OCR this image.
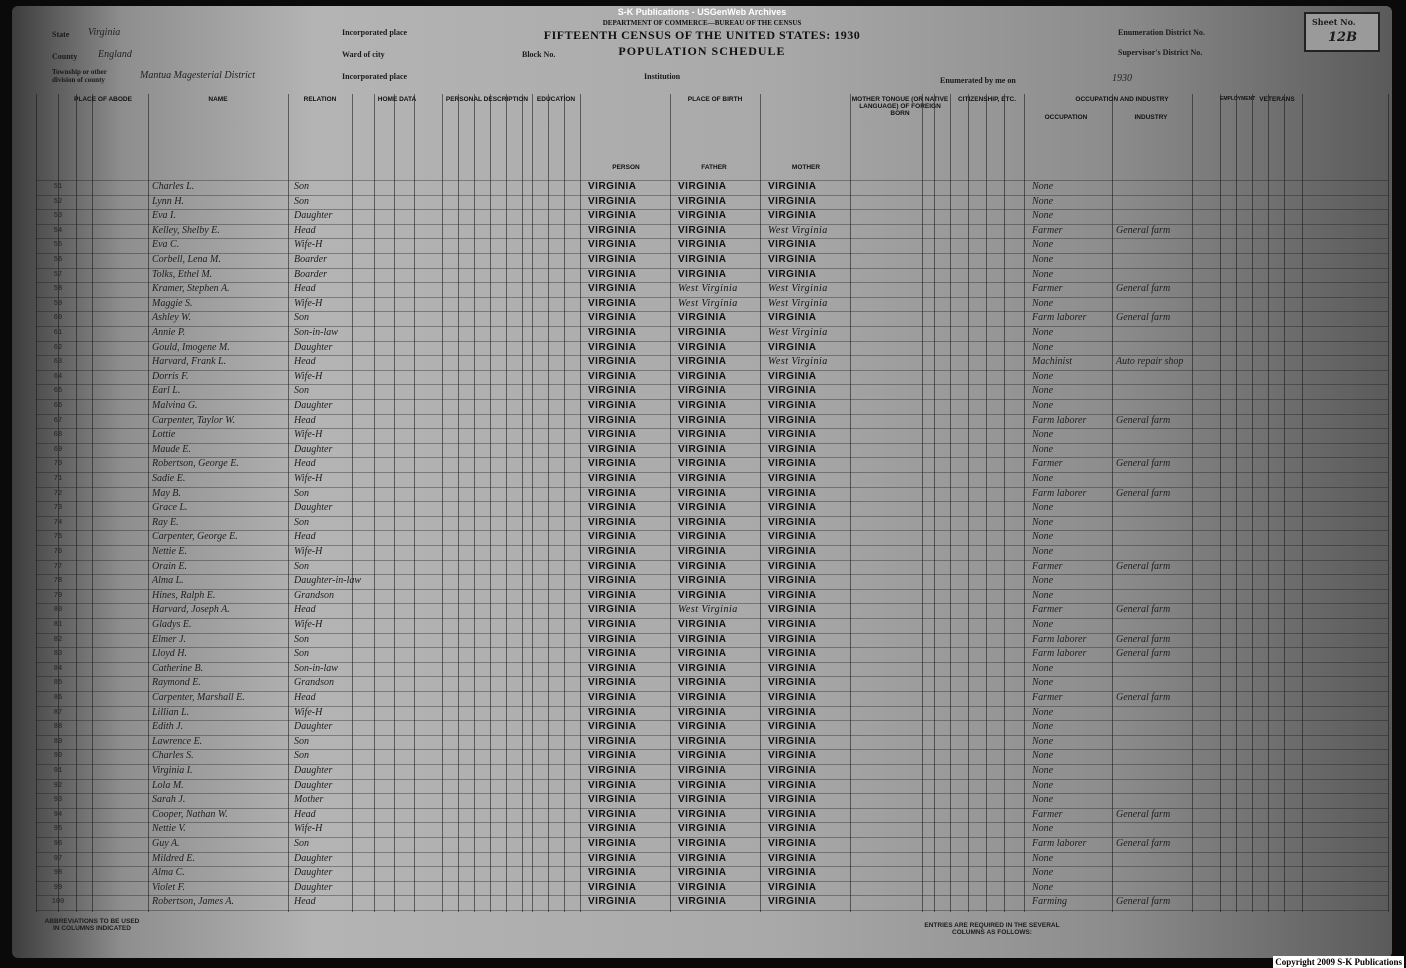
S-K Publications - USGenWeb Archives
DEPARTMENT OF COMMERCE—BUREAU OF THE CENSUS
FIFTEENTH CENSUS OF THE UNITED STATES: 1930
POPULATION SCHEDULE
State Virginia
County England
Township or other division of county	Mantua Magesterial District
Incorporated place
Ward of city	Block No.
Incorporated place	Institution
Enumeration District No.
Supervisor's District No.
Enumerated by me on	1930
Sheet No.
12B
PLACE OF ABODE	NAME	RELATION	HOME DATA	PERSONAL DESCRIPTION	EDUCATION	PLACE OF BIRTH	MOTHER TONGUE (OR NATIVE LANGUAGE) OF FOREIGN BORN
CITIZENSHIP, ETC.	OCCUPATION AND INDUSTRY	EMPLOYMENT VETERANS
PERSON	FATHER	MOTHER
OCCUPATION	INDUSTRY
51	Charles L.	Son	VIRGINIA	VIRGINIA	VIRGINIA	None
52	Lynn H.	Son	VIRGINIA	VIRGINIA	VIRGINIA	None
53	Eva I.	Daughter	VIRGINIA	VIRGINIA	VIRGINIA	None
54	Kelley, Shelby E.	Head	VIRGINIA	VIRGINIA	West Virginia	Farmer	General farm
55	Eva C.	Wife-H	VIRGINIA	VIRGINIA	VIRGINIA	None
56	Corbell, Lena M.	Boarder	VIRGINIA	VIRGINIA	VIRGINIA	None
57	Tolks, Ethel M.	Boarder	VIRGINIA	VIRGINIA	VIRGINIA	None
58	Kramer, Stephen A.	Head	VIRGINIA	West Virginia	West Virginia	Farmer	General farm
59	Maggie S.	Wife-H	VIRGINIA	West Virginia	West Virginia	None
60	Ashley W.	Son	VIRGINIA	VIRGINIA	VIRGINIA	Farm laborer	General farm
61	Annie P.	Son-in-law	VIRGINIA	VIRGINIA	West Virginia	None
62	Gould, Imogene M.	Daughter	VIRGINIA	VIRGINIA	VIRGINIA	None
63	Harvard, Frank L.	Head	VIRGINIA	VIRGINIA	West Virginia	Machinist	Auto repair shop
64	Dorris F.	Wife-H	VIRGINIA	VIRGINIA	VIRGINIA	None
65	Earl L.	Son	VIRGINIA	VIRGINIA	VIRGINIA	None
66	Malvina G.	Daughter	VIRGINIA	VIRGINIA	VIRGINIA	None
67	Carpenter, Taylor W.	Head	VIRGINIA	VIRGINIA	VIRGINIA	Farm laborer	General farm
68	Lottie	Wife-H	VIRGINIA	VIRGINIA	VIRGINIA	None
69	Maude E.	Daughter	VIRGINIA	VIRGINIA	VIRGINIA	None
70	Robertson, George E.	Head	VIRGINIA	VIRGINIA	VIRGINIA	Farmer	General farm
71	Sadie E.	Wife-H	VIRGINIA	VIRGINIA	VIRGINIA	None
72	May B.	Son	VIRGINIA	VIRGINIA	VIRGINIA	Farm laborer	General farm
73	Grace L.	Daughter	VIRGINIA	VIRGINIA	VIRGINIA	None
74	Ray E.	Son	VIRGINIA	VIRGINIA	VIRGINIA	None
75	Carpenter, George E.	Head	VIRGINIA	VIRGINIA	VIRGINIA	None
76	Nettie E.	Wife-H	VIRGINIA	VIRGINIA	VIRGINIA	None
77	Orain E.	Son	VIRGINIA	VIRGINIA	VIRGINIA	Farmer	General farm
78	Alma L.	Daughter-in-law	VIRGINIA	VIRGINIA	VIRGINIA	None
79	Hines, Ralph E.	Grandson	VIRGINIA	VIRGINIA	VIRGINIA	None
80	Harvard, Joseph A.	Head	VIRGINIA	West Virginia	VIRGINIA	Farmer	General farm
81	Gladys E.	Wife-H	VIRGINIA	VIRGINIA	VIRGINIA	None
82	Elmer J.	Son	VIRGINIA	VIRGINIA	VIRGINIA	Farm laborer	General farm
83	Lloyd H.	Son	VIRGINIA	VIRGINIA	VIRGINIA	Farm laborer	General farm
84	Catherine B.	Son-in-law	VIRGINIA	VIRGINIA	VIRGINIA	None
85	Raymond E.	Grandson	VIRGINIA	VIRGINIA	VIRGINIA	None
86	Carpenter, Marshall E.	Head	VIRGINIA	VIRGINIA	VIRGINIA	Farmer	General farm
87	Lillian L.	Wife-H	VIRGINIA	VIRGINIA	VIRGINIA	None
88	Edith J.	Daughter	VIRGINIA	VIRGINIA	VIRGINIA	None
89	Lawrence E.	Son	VIRGINIA	VIRGINIA	VIRGINIA	None
90	Charles S.	Son	VIRGINIA	VIRGINIA	VIRGINIA	None
91	Virginia I.	Daughter	VIRGINIA	VIRGINIA	VIRGINIA	None
92	Lola M.	Daughter	VIRGINIA	VIRGINIA	VIRGINIA	None
93	Sarah J.	Mother	VIRGINIA	VIRGINIA	VIRGINIA	None
94	Cooper, Nathan W.	Head	VIRGINIA	VIRGINIA	VIRGINIA	Farmer	General farm
95	Nettie V.	Wife-H	VIRGINIA	VIRGINIA	VIRGINIA	None
96	Guy A.	Son	VIRGINIA	VIRGINIA	VIRGINIA	Farm laborer	General farm
97	Mildred E.	Daughter	VIRGINIA	VIRGINIA	VIRGINIA	None
98	Alma C.	Daughter	VIRGINIA	VIRGINIA	VIRGINIA	None
99	Violet F.	Daughter	VIRGINIA	VIRGINIA	VIRGINIA	None
100	Robertson, James A.	Head	VIRGINIA	VIRGINIA	VIRGINIA	Farming	General farm
ABBREVIATIONS TO BE USED IN COLUMNS INDICATED	ENTRIES ARE REQUIRED IN THE SEVERAL COLUMNS AS FOLLOWS:
Copyright 2009 S-K Publications
